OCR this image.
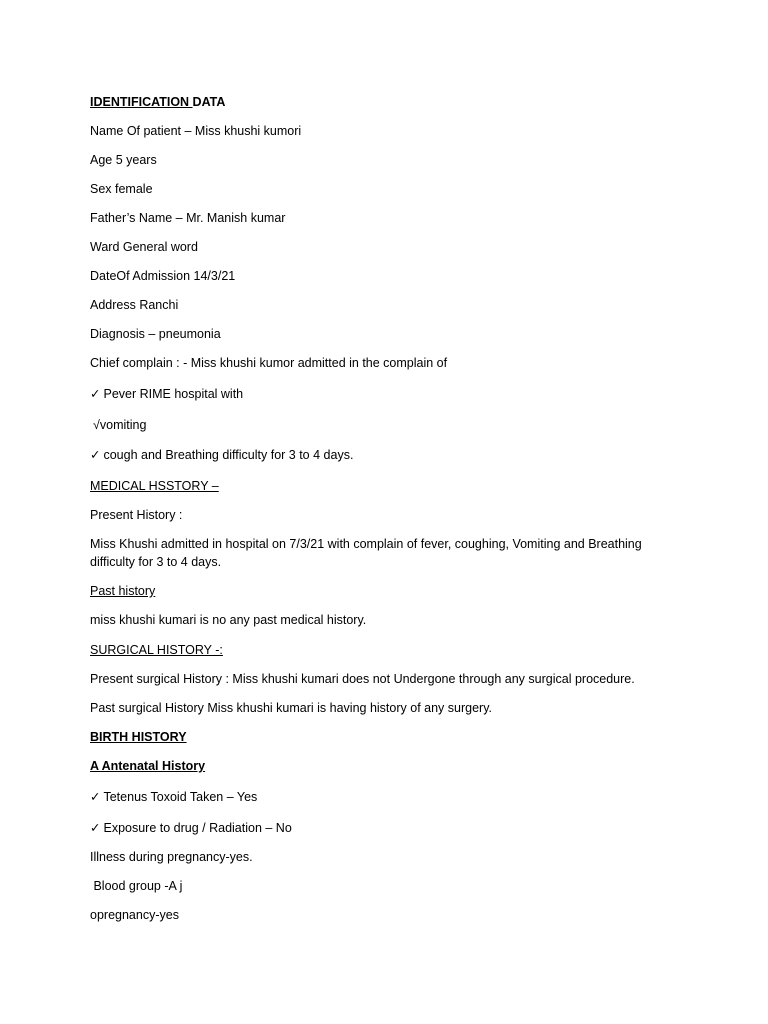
IDENTIFICATION DATA
Name Of patient – Miss khushi kumori
Age 5 years
Sex female
Father’s Name – Mr. Manish kumar
Ward General word
DateOf Admission 14/3/21
Address Ranchi
Diagnosis – pneumonia
Chief complain : - Miss khushi kumor admitted in the complain of
✓ Pever RIME hospital with
√vomiting
✓ cough and Breathing difficulty for 3 to 4 days.
MEDICAL HSSTORY –
Present History :
Miss Khushi admitted in hospital on 7/3/21 with complain of fever, coughing, Vomiting and Breathing
difficulty for 3 to 4 days.
Past history
miss khushi kumari is no any past medical history.
SURGICAL HISTORY -:
Present surgical History : Miss khushi kumari does not Undergone through any surgical procedure.
Past surgical History Miss khushi kumari is having history of any surgery.
BIRTH HISTORY
A Antenatal History
✓ Tetenus Toxoid Taken – Yes
✓ Exposure to drug / Radiation – No
Illness during pregnancy-yes.
Blood group -A j
opregnancy-yes
